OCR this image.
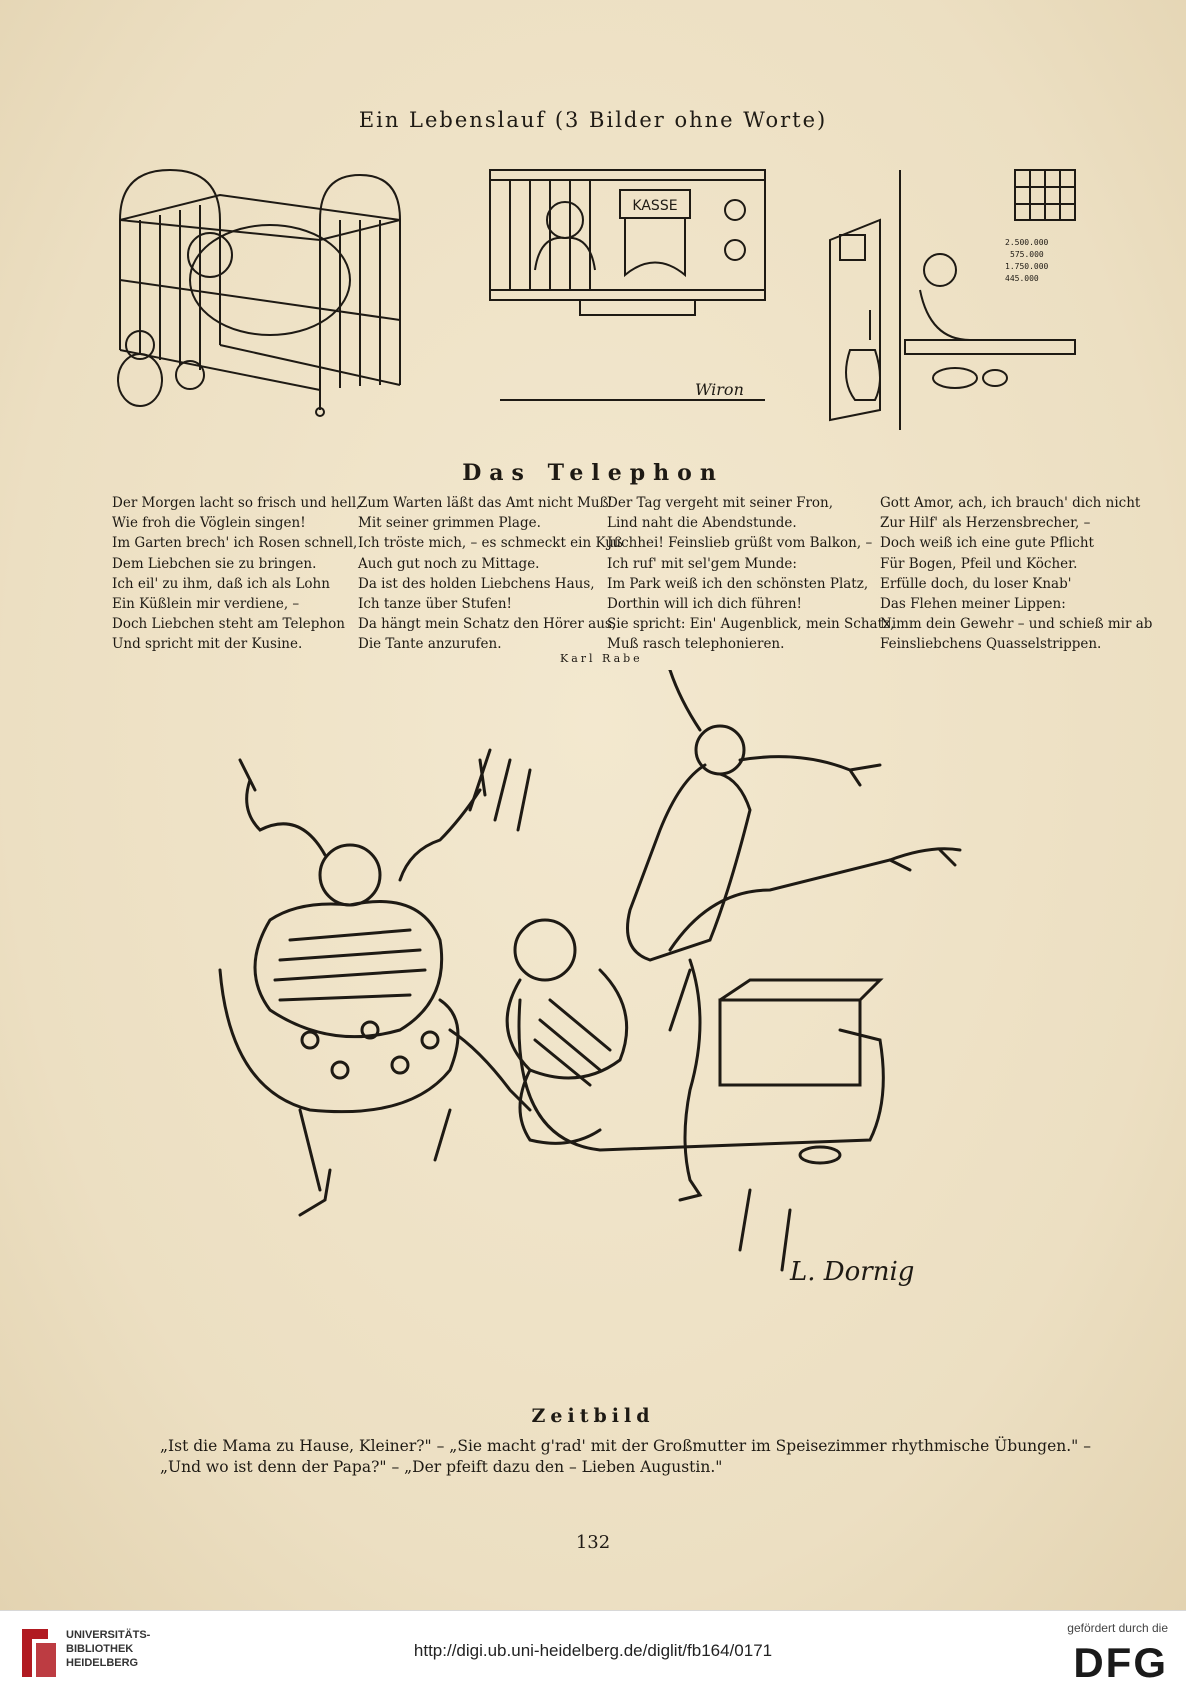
Ein Lebenslauf (3 Bilder ohne Worte)
KASSE
Wiron
2.500.000
575.000
1.750.000
445.000
Das Telephon
Der Morgen lacht so frisch und hell,
Wie froh die Vöglein singen!
Im Garten brech' ich Rosen schnell,
Dem Liebchen sie zu bringen.
Ich eil' zu ihm, daß ich als Lohn
Ein Küßlein mir verdiene, –
Doch Liebchen steht am Telephon
Und spricht mit der Kusine.
Zum Warten läßt das Amt nicht Muß'
Mit seiner grimmen Plage.
Ich tröste mich, – es schmeckt ein Kuß
Auch gut noch zu Mittage.
Da ist des holden Liebchens Haus,
Ich tanze über Stufen!
Da hängt mein Schatz den Hörer aus,
Die Tante anzurufen.
Der Tag vergeht mit seiner Fron,
Lind naht die Abendstunde.
Juchhei! Feinslieb grüßt vom Balkon, –
Ich ruf' mit sel'gem Munde:
Im Park weiß ich den schönsten Platz,
Dorthin will ich dich führen!
Sie spricht: Ein' Augenblick, mein Schatz,
Muß rasch telephonieren.
Gott Amor, ach, ich brauch' dich nicht
Zur Hilf' als Herzensbrecher, –
Doch weiß ich eine gute Pflicht
Für Bogen, Pfeil und Köcher.
Erfülle doch, du loser Knab'
Das Flehen meiner Lippen:
Nimm dein Gewehr – und schieß mir ab
Feinsliebchens Quasselstrippen.
Karl Rabe
L. Dornig
Zeitbild
„Ist die Mama zu Hause, Kleiner?" – „Sie macht g'rad' mit der Großmutter im Speisezimmer rhythmische Übungen." –
„Und wo ist denn der Papa?" – „Der pfeift dazu den – Lieben Augustin."
132
UNIVERSITÄTS-
BIBLIOTHEK
HEIDELBERG
http://digi.ub.uni-heidelberg.de/diglit/fb164/0171
gefördert durch die
DFG
